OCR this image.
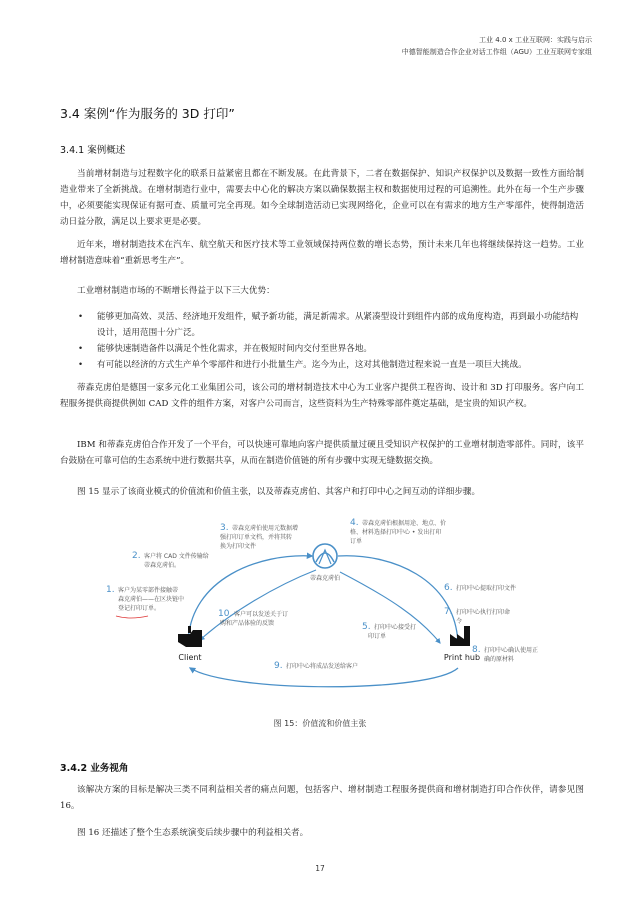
工业 4.0 x 工业互联网：实践与启示
中德智能制造合作企业对话工作组（AGU）工业互联网专家组
3.4 案例“作为服务的 3D 打印”
3.4.1 案例概述

当前增材制造与过程数字化的联系日益紧密且都在不断发展。在此背景下，二者在数据保护、知识产权保护以及数据一致性方面给制造业带来了全新挑战。在增材制造行业中，需要去中心化的解决方案以确保数据主权和数据使用过程的可追溯性。此外在每一个生产步骤中，必须要能实现保证有据可查、质量可完全再现。如今全球制造活动已实现网络化，企业可以在有需求的地方生产零部件，使得制造活动日益分散，满足以上要求更是必要。

近年来，增材制造技术在汽车、航空航天和医疗技术等工业领域保持两位数的增长态势，预计未来几年也将继续保持这一趋势。工业增材制造意味着“重新思考生产”。

工业增材制造市场的不断增长得益于以下三大优势：

• 能够更加高效、灵活、经济地开发组件，赋予新功能，满足新需求。从紧凑型设计到组件内部的成角度构造，再到最小功能结构设计，适用范围十分广泛。
• 能够快速制造备件以满足个性化需求，并在极短时间内交付至世界各地。
• 有可能以经济的方式生产单个零部件和进行小批量生产。迄今为止，这对其他制造过程来说一直是一项巨大挑战。

蒂森克虏伯是德国一家多元化工业集团公司，该公司的增材制造技术中心为工业客户提供工程咨询、设计和 3D 打印服务。客户向工程服务提供商提供例如 CAD 文件的组件方案，对客户公司而言，这些资料为生产特殊零部件奠定基础，是宝贵的知识产权。

IBM 和蒂森克虏伯合作开发了一个平台，可以快速可靠地向客户提供质量过硬且受知识产权保护的工业增材制造零部件。同时，该平台鼓励在可靠可信的生态系统中进行数据共享，从而在制造价值链的所有步骤中实现无缝数据交换。

图 15 显示了该商业模式的价值流和价值主张，以及蒂森克虏伯、其客户和打印中心之间互动的详细步骤。

蒂森克虏伯
Client	Print hub
1. 客户为某零部件接触蒂
森克虏伯——在区块链中
登记打印订单。
2. 客户将 CAD 文件传输给
蒂森克虏伯。
3. 蒂森克虏伯使用元数据增
强打印订单文档，并将其转
换为打印文件
4. 蒂森克虏伯根据用途、地点、价
格、材料选择打印中心 • 发出打印
订单
5. 打印中心接受打
印订单
6. 打印中心提取打印文件
7. 打印中心执行打印命
令
8. 打印中心确认使用正
确的原材料
9. 打印中心将成品发送给客户
10. 客户可以发送关于订
购和产品体验的反馈
图 15：价值流和价值主张
3.4.2 业务视角

该解决方案的目标是解决三类不同利益相关者的痛点问题，包括客户、增材制造工程服务提供商和增材制造打印合作伙伴，请参见图 16。

图 16 还描述了整个生态系统演变后续步骤中的利益相关者。

17
